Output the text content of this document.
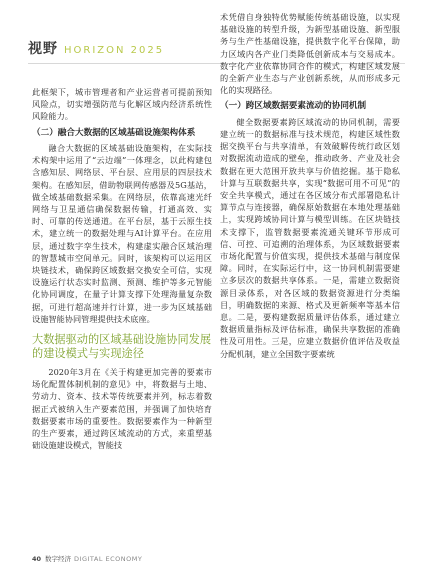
视野 HORIZON 2025

此框架下，城市管理者和产业运营者可提前预知风险点，切实增强防范与化解区域内经济系统性风险能力。

（二）融合大数据的区域基础设施架构体系

融合大数据的区域基础设施架构，在实际技术构架中运用了“云边端”一体理念，以此构建包含感知层、网络层、平台层、应用层的四层技术架构。在感知层，借助物联网传感器及5G基站，做全域基础数据采集。在网络层，依靠高速光纤网络与卫星通信确保数据传输，打通高效、实时、可靠的传送通道。在平台层，基于云原生技术，建立统一的数据处理与AI计算平台。在应用层，通过数字孪生技术，构建虚实融合区域治理的智慧城市空间单元。同时，该架构可以运用区块链技术，确保跨区域数据交换安全可信，实现设施运行状态实时监测、预测、维护等多元智能化协同调度，在量子计算支撑下处理海量复杂数据，可进行超高速并行计算，进一步为区域基础设施智能协同管理提供技术底座。

大数据驱动的区域基础设施协同发展的建设模式与实现途径

2020年3月在《关于构建更加完善的要素市场化配置体制机制的意见》中，将数据与土地、劳动力、资本、技术等传统要素并列，标志着数据正式被纳入生产要素范围，并强调了加快培育数据要素市场的重要性。数据要素作为一种新型的生产要素，通过跨区域流动的方式，来重塑基础设施建设模式，智能技

术凭借自身独特优势赋能传统基础设施，以实现基础设施的转型升级，为新型基础设施、新型服务与生产性基础设施，提供数字化平台保障，助力区域内各产业门类降低创新成本与交易成本。数字化产业依靠协同合作的模式，构建区域发展的全新产业生态与产业创新系统，从而形成多元化的实现路径。

（一）跨区域数据要素流动的协同机制

健全数据要素跨区域流动的协同机制，需要建立统一的数据标准与技术规范，构建区域性数据交换平台与共享清单，有效破解传统行政区划对数据流动造成的壁垒，推动政务、产业及社会数据在更大范围开放共享与价值挖掘。基于隐私计算与互联数据共享，实现“数据可用不可见”的安全共享模式，通过在各区域分布式部署隐私计算节点与连接器，确保原始数据在本地处理基础上，实现跨域协同计算与模型训练。在区块链技术支撑下，监管数据要素流通关键环节形成可信、可控、可追溯的治理体系，为区域数据要素市场化配置与价值实现，提供技术基础与制度保障。同时，在实际运行中，这一协同机制需要建立多层次的数据共享体系。一是，需建立数据资源目录体系，对各区域的数据资源进行分类编目，明确数据的来源、格式及更新频率等基本信息。二是，要构建数据质量评估体系，通过建立数据质量指标及评估标准，确保共享数据的准确性及可用性。三是，应建立数据价值评估及收益分配机制，建立全国数字要素统

40 数字经济 DIGITAL ECONOMY
